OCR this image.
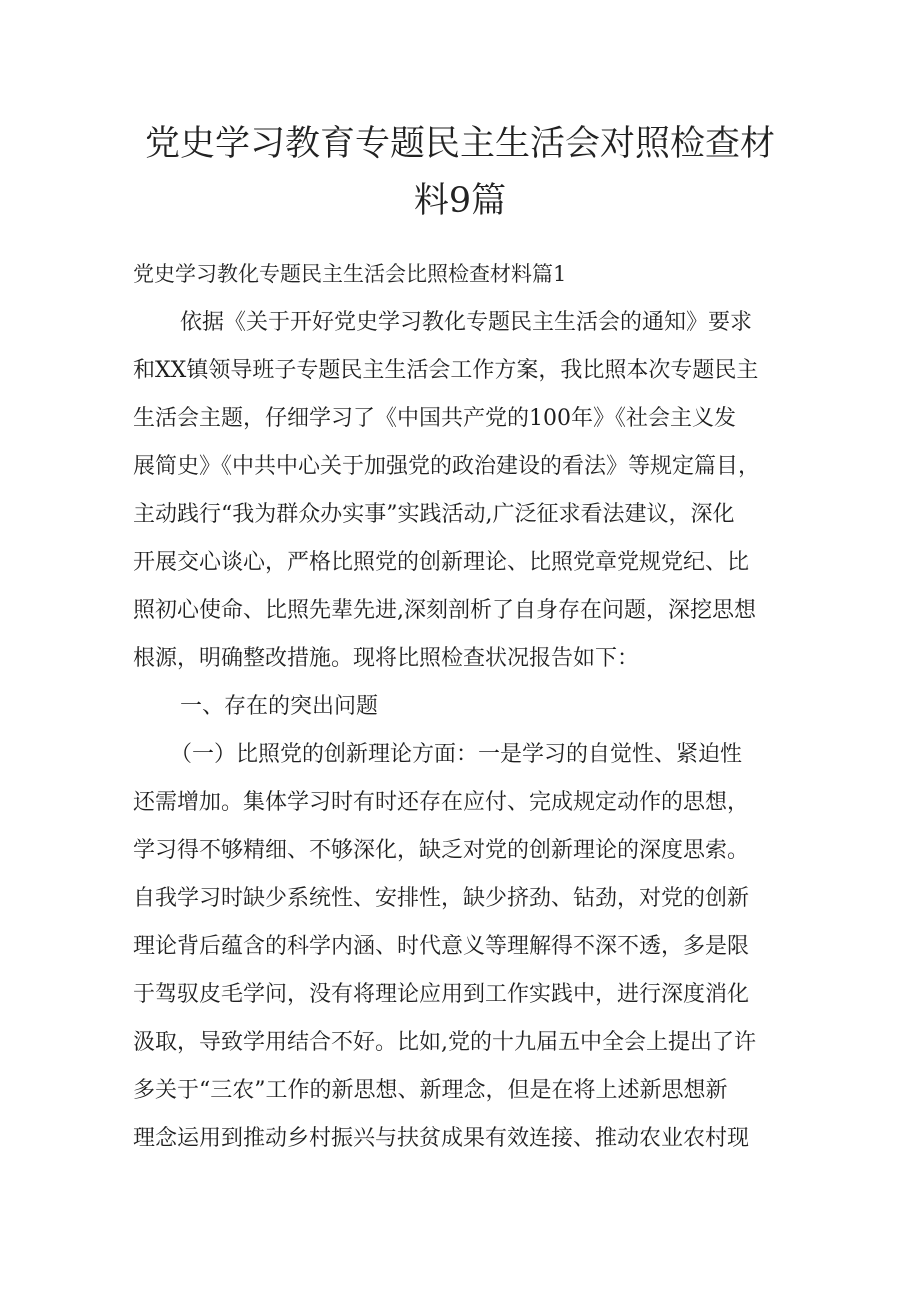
党史学习教育专题民主生活会对照检查材
料9篇
党史学习教化专题民主生活会比照检查材料篇1
依据《关于开好党史学习教化专题民主生活会的通知》要求
和XX镇领导班子专题民主生活会工作方案，我比照本次专题民主
生活会主题，仔细学习了《中国共产党的100年》《社会主义发
展简史》《中共中心关于加强党的政治建设的看法》等规定篇目，
主动践行“我为群众办实事”实践活动,广泛征求看法建议，深化
开展交心谈心，严格比照党的创新理论、比照党章党规党纪、比
照初心使命、比照先辈先进,深刻剖析了自身存在问题，深挖思想
根源，明确整改措施。现将比照检查状况报告如下：
一、存在的突出问题
（一）比照党的创新理论方面：一是学习的自觉性、紧迫性
还需增加。集体学习时有时还存在应付、完成规定动作的思想，
学习得不够精细、不够深化，缺乏对党的创新理论的深度思索。
自我学习时缺少系统性、安排性，缺少挤劲、钻劲，对党的创新
理论背后蕴含的科学内涵、时代意义等理解得不深不透，多是限
于驾驭皮毛学问，没有将理论应用到工作实践中，进行深度消化
汲取，导致学用结合不好。比如,党的十九届五中全会上提出了许
多关于“三农”工作的新思想、新理念，但是在将上述新思想新
理念运用到推动乡村振兴与扶贫成果有效连接、推动农业农村现
